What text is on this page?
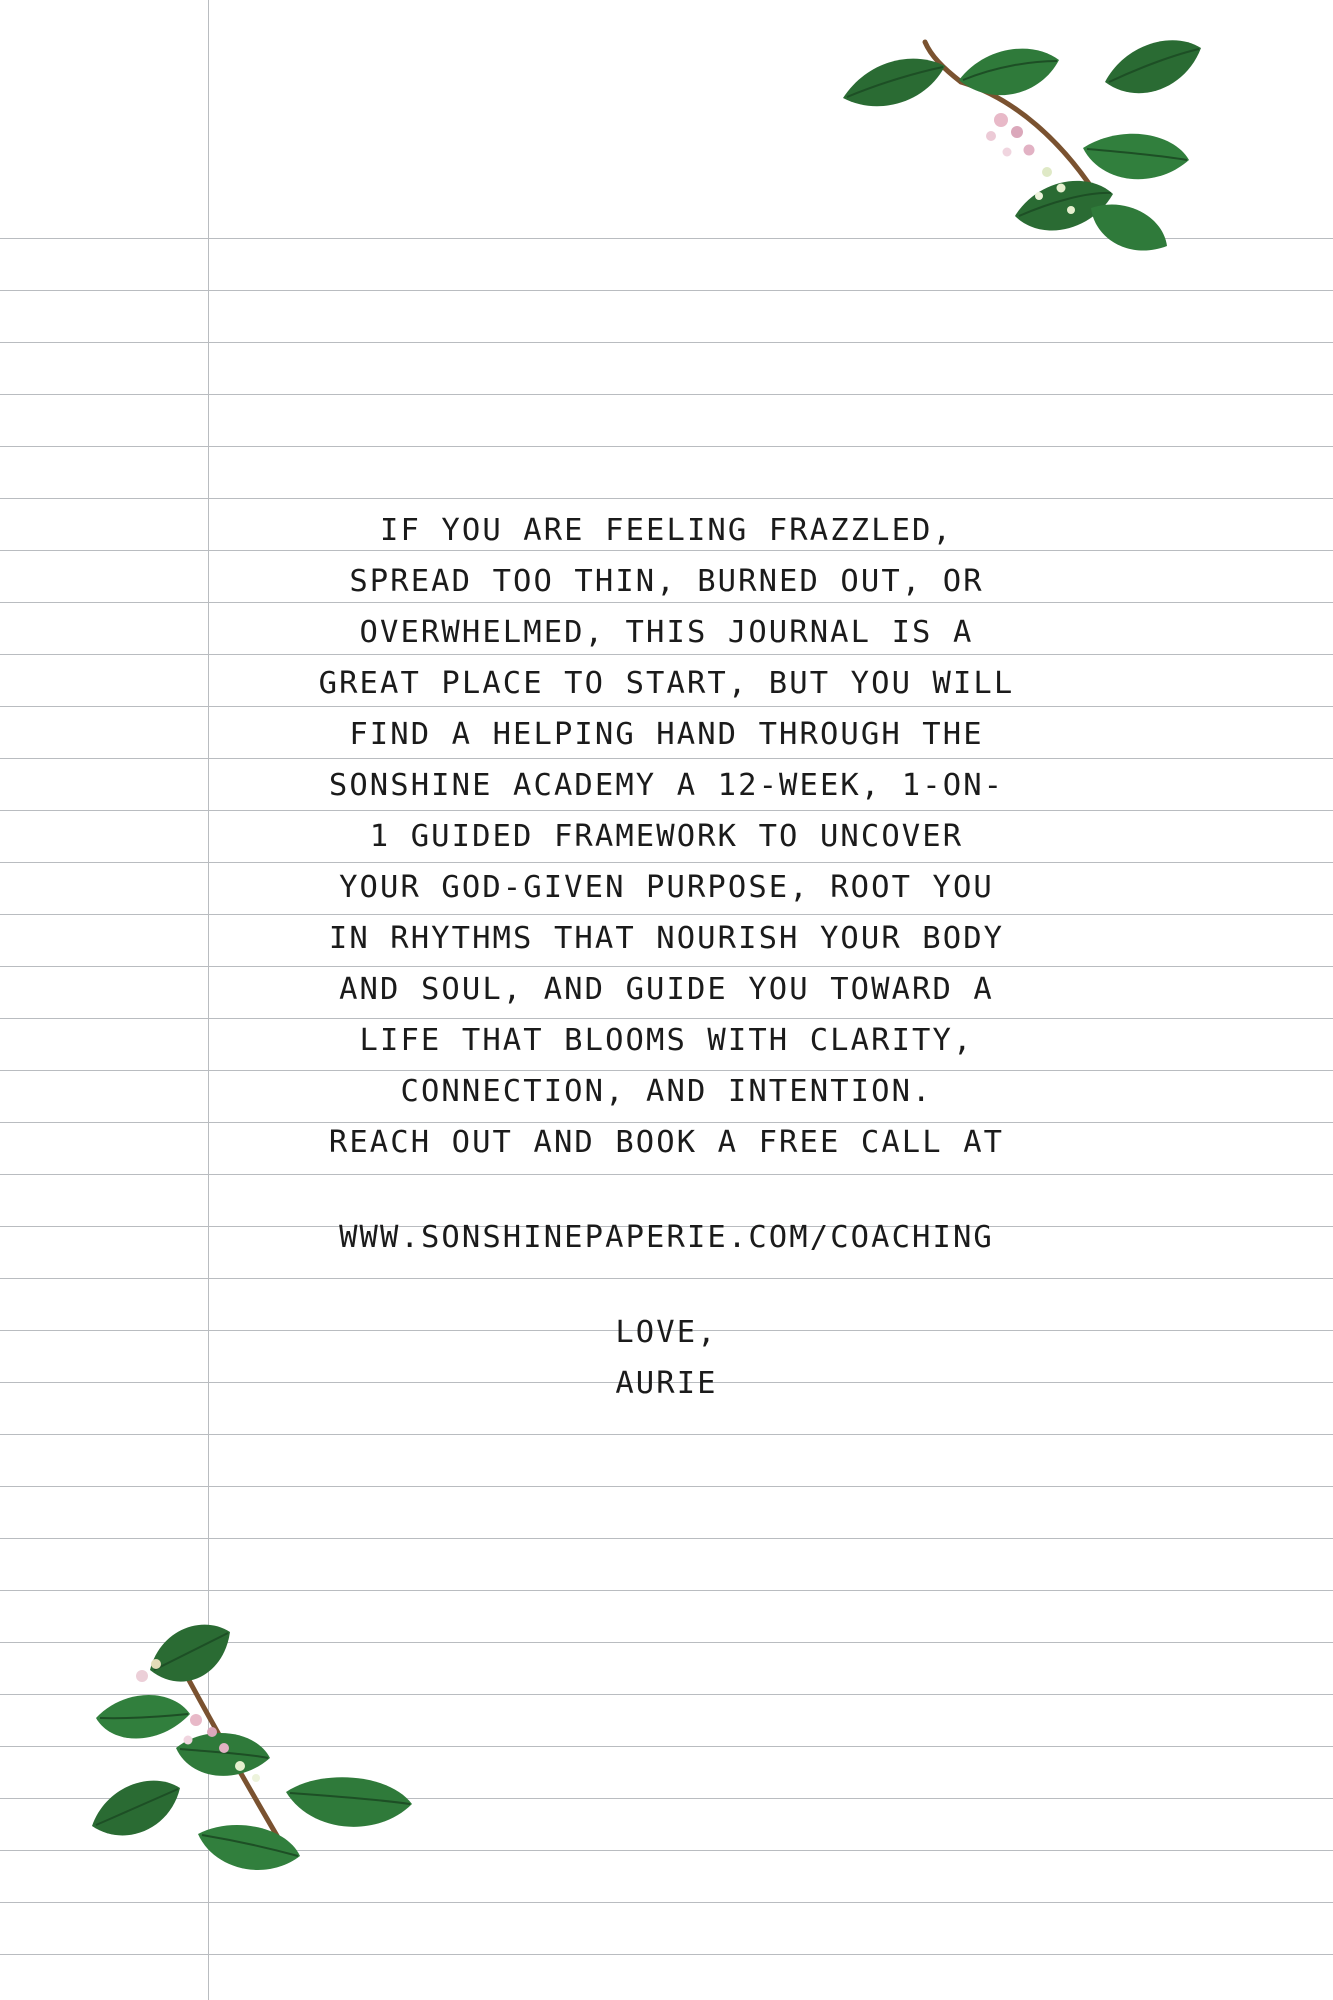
IF YOU ARE FEELING FRAZZLED,
SPREAD TOO THIN, BURNED OUT, OR
OVERWHELMED, THIS JOURNAL IS A
GREAT PLACE TO START, BUT YOU WILL
FIND A HELPING HAND THROUGH THE
SONSHINE ACADEMY A 12-WEEK, 1-ON-
1 GUIDED FRAMEWORK TO UNCOVER
YOUR GOD-GIVEN PURPOSE, ROOT YOU
IN RHYTHMS THAT NOURISH YOUR BODY
AND SOUL, AND GUIDE YOU TOWARD A
LIFE THAT BLOOMS WITH CLARITY,
CONNECTION, AND INTENTION.
REACH OUT AND BOOK A FREE CALL AT
WWW.SONSHINEPAPERIE.COM/COACHING
LOVE,
AURIE
